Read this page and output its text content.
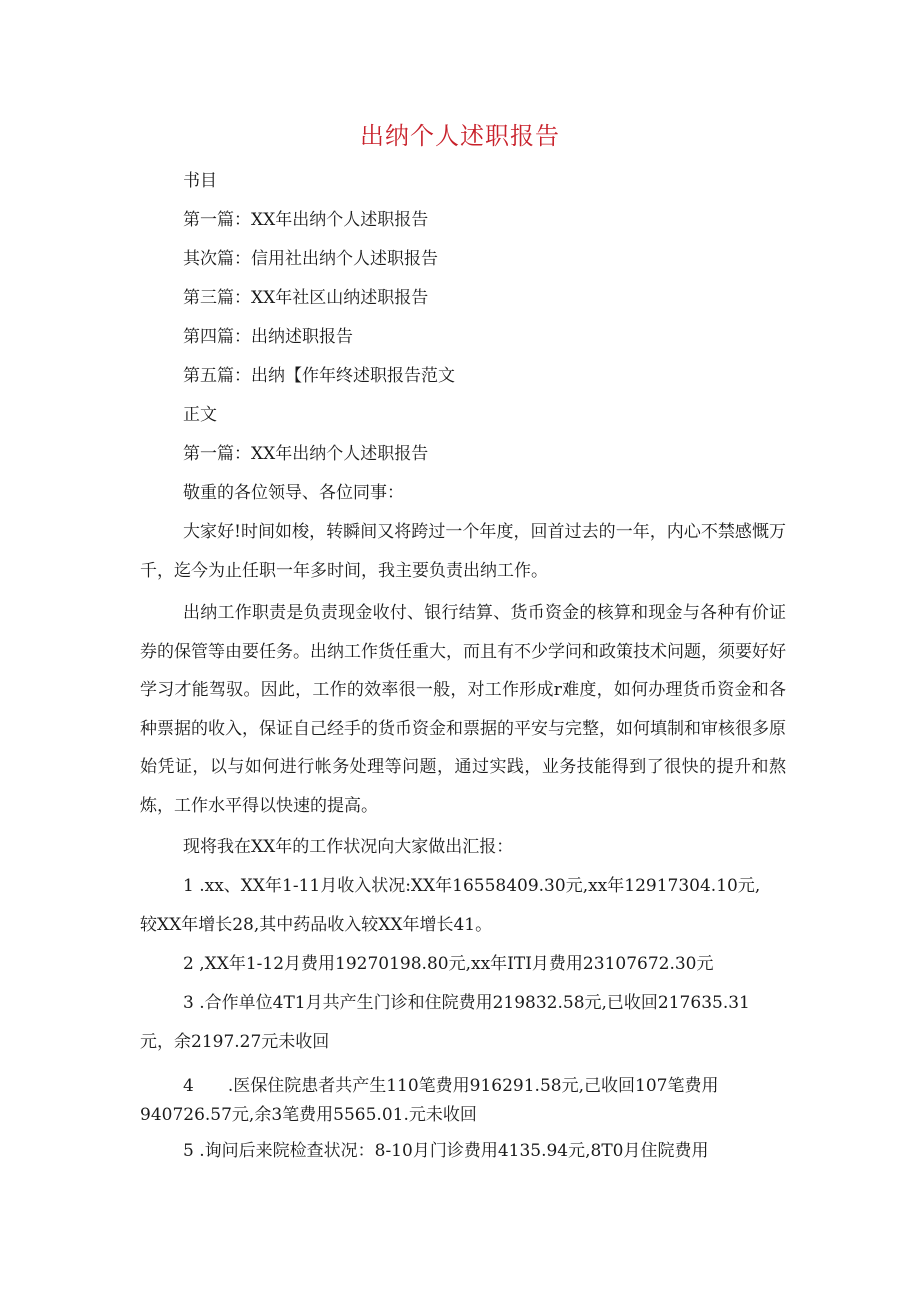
出纳个人述职报告

书目

第一篇：XX年出纳个人述职报告

其次篇：信用社出纳个人述职报告

第三篇：XX年社区山纳述职报告

第四篇：出纳述职报告

第五篇：出纳【作年终述职报告范文

正文

第一篇：XX年出纳个人述职报告

敬重的各位领导、各位同事：

大家好!时间如梭，转瞬间又将跨过一个年度，回首过去的一年，内心不禁感慨万千，迄今为止任职一年多时间，我主要负责出纳工作。

出纳工作职责是负责现金收付、银行结算、货币资金的核算和现金与各种有价证券的保管等由要任务。出纳工作货任重大，而且有不少学问和政策技术问题，须要好好学习才能驾驭。因此，工作的效率很一般，对工作形成r难度，如何办理货币资金和各种票据的收入，保证自己经手的货币资金和票据的平安与完整，如何填制和审核很多原始凭证，以与如何进行帐务处理等问题，通过实践，业务技能得到了很快的提升和熬炼，工作水平得以快速的提高。

现将我在XX年的工作状况向大家做出汇报：

1 .xx、XX年1-11月收入状况:XX年16558409.30元,xx年12917304.10元,

较XX年增长28,其中药品收入较XX年增长41。

2 ,XX年1-12月费用19270198.80元,xx年ITI月费用23107672.30元

3 .合作单位4T1月共产生门诊和住院费用219832.58元,已收回217635.31

元，余2197.27元未收回

4　　.医保住院患者共产生110笔费用916291.58元,己收回107笔费用

940726.57元,余3笔费用5565.01.元未收回

5 .询问后来院检查状况：8-10月门诊费用4135.94元,8T0月住院费用
